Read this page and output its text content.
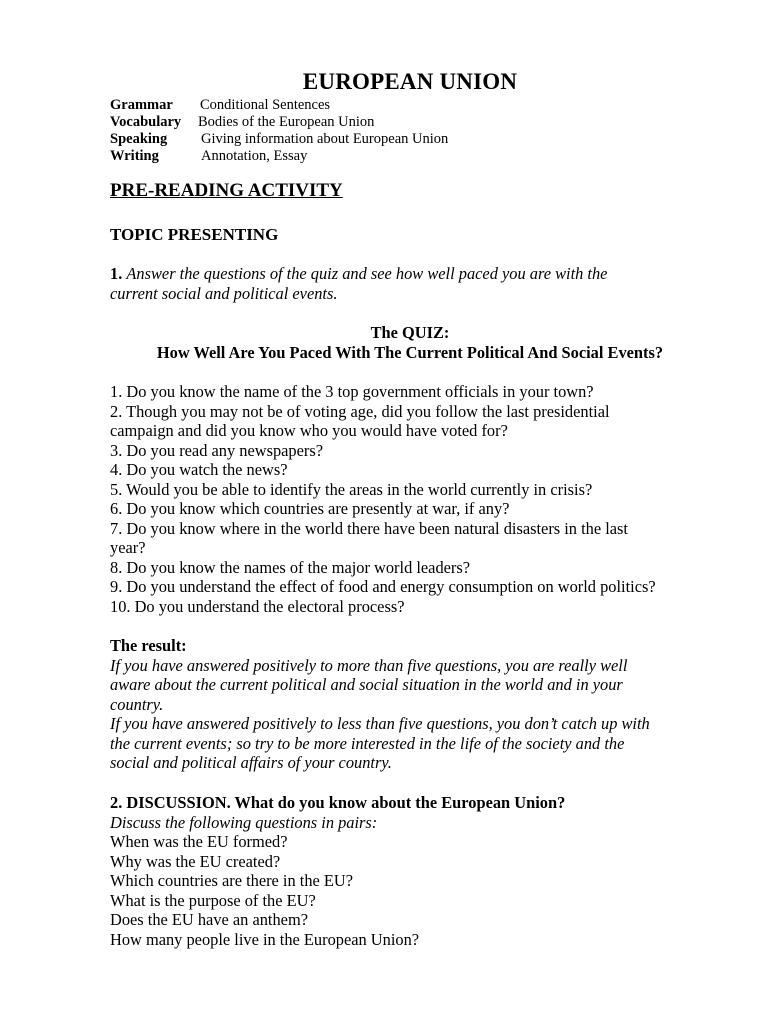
EUROPEAN UNION
Grammar	Conditional Sentences
Vocabulary	Bodies of the European Union
Speaking	Giving information about European Union
Writing	Annotation, Essay
PRE-READING ACTIVITY
TOPIC PRESENTING
1. Answer the questions of the quiz and see how well paced you are with the
current social and political events.
The QUIZ:
How Well Are You Paced With The Current Political And Social Events?
1. Do you know the name of the 3 top government officials in your town?
2. Though you may not be of voting age, did you follow the last presidential
campaign and did you know who you would have voted for?
3. Do you read any newspapers?
4. Do you watch the news?
5. Would you be able to identify the areas in the world currently in crisis?
6. Do you know which countries are presently at war, if any?
7. Do you know where in the world there have been natural disasters in the last
year?
8. Do you know the names of the major world leaders?
9. Do you understand the effect of food and energy consumption on world politics?
10. Do you understand the electoral process?
The result:
If you have answered positively to more than five questions, you are really well
aware about the current political and social situation in the world and in your
country.
If you have answered positively to less than five questions, you don’t catch up with
the current events; so try to be more interested in the life of the society and the
social and political affairs of your country.
2. DISCUSSION. What do you know about the European Union?
Discuss the following questions in pairs:
When was the EU formed?
Why was the EU created?
Which countries are there in the EU?
What is the purpose of the EU?
Does the EU have an anthem?
How many people live in the European Union?
